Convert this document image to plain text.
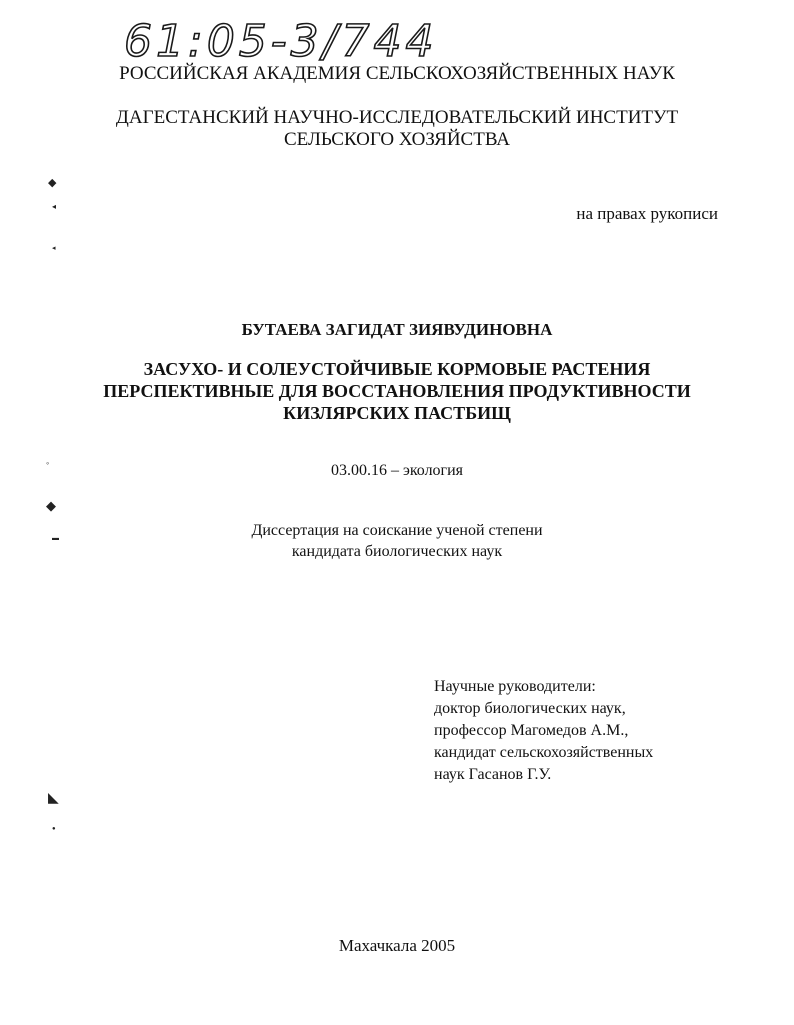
61:05-3/744
РОССИЙСКАЯ АКАДЕМИЯ СЕЛЬСКОХОЗЯЙСТВЕННЫХ НАУК
ДАГЕСТАНСКИЙ НАУЧНО-ИССЛЕДОВАТЕЛЬСКИЙ ИНСТИТУТ
СЕЛЬСКОГО ХОЗЯЙСТВА
на правах рукописи
БУТАЕВА ЗАГИДАТ ЗИЯВУДИНОВНА
ЗАСУХО- И СОЛЕУСТОЙЧИВЫЕ КОРМОВЫЕ РАСТЕНИЯ
ПЕРСПЕКТИВНЫЕ ДЛЯ ВОССТАНОВЛЕНИЯ ПРОДУКТИВНОСТИ
КИЗЛЯРСКИХ ПАСТБИЩ
03.00.16 – экология
Диссертация на соискание ученой степени
кандидата биологических наук
Научные руководители:
доктор биологических наук,
профессор Магомедов А.М.,
кандидат сельскохозяйственных
наук Гасанов Г.У.
Махачкала 2005
◆
◂
◂
◦
◆
▬
◣
●
